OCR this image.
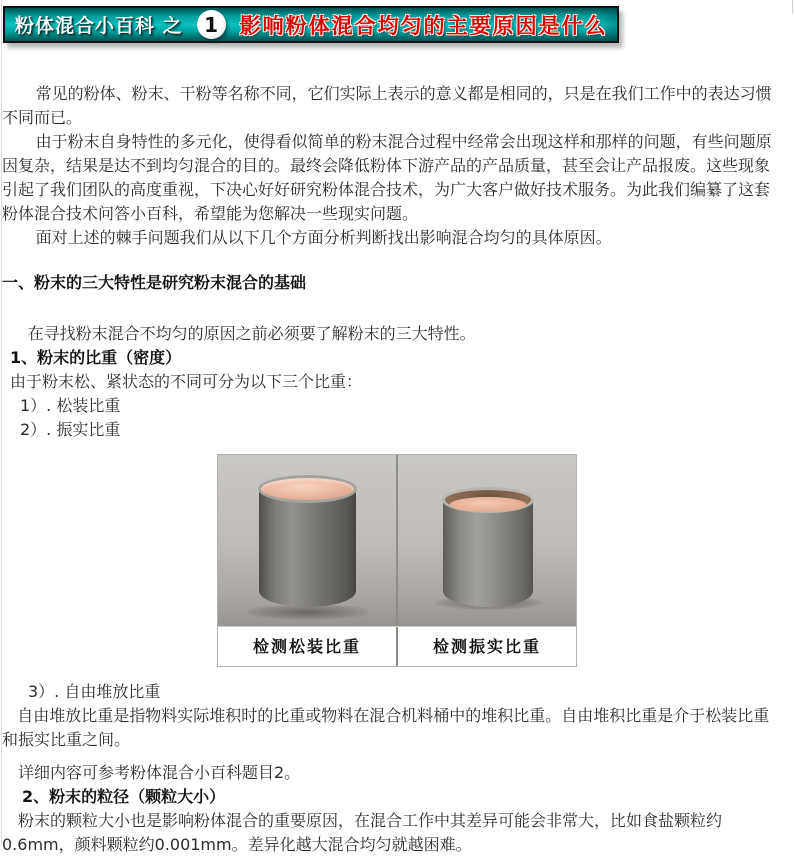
粉体混合小百科 之 1 影响粉体混合均匀的主要原因是什么

常见的粉体、粉末、干粉等名称不同，它们实际上表示的意义都是相同的，只是在我们工作中的表达习惯不同而已。

由于粉末自身特性的多元化，使得看似简单的粉末混合过程中经常会出现这样和那样的问题，有些问题原因复杂，结果是达不到均匀混合的目的。最终会降低粉体下游产品的产品质量，甚至会让产品报废。这些现象引起了我们团队的高度重视，下决心好好研究粉体混合技术，为广大客户做好技术服务。为此我们编纂了这套粉体混合技术问答小百科，希望能为您解决一些现实问题。

面对上述的棘手问题我们从以下几个方面分析判断找出影响混合均匀的具体原因。

一、粉末的三大特性是研究粉末混合的基础

在寻找粉末混合不均匀的原因之前必须要了解粉末的三大特性。

1、粉末的比重（密度）

由于粉末松、紧状态的不同可分为以下三个比重：

1）. 松装比重

2）. 振实比重

检测松装比重	检测振实比重

3）. 自由堆放比重

自由堆放比重是指物料实际堆积时的比重或物料在混合机料桶中的堆积比重。自由堆积比重是介于松装比重和振实比重之间。

详细内容可参考粉体混合小百科题目2。

2、粉末的粒径（颗粒大小）

粉末的颗粒大小也是影响粉体混合的重要原因，在混合工作中其差异可能会非常大，比如食盐颗粒约0.6mm，颜料颗粒约0.001mm。差异化越大混合均匀就越困难。
